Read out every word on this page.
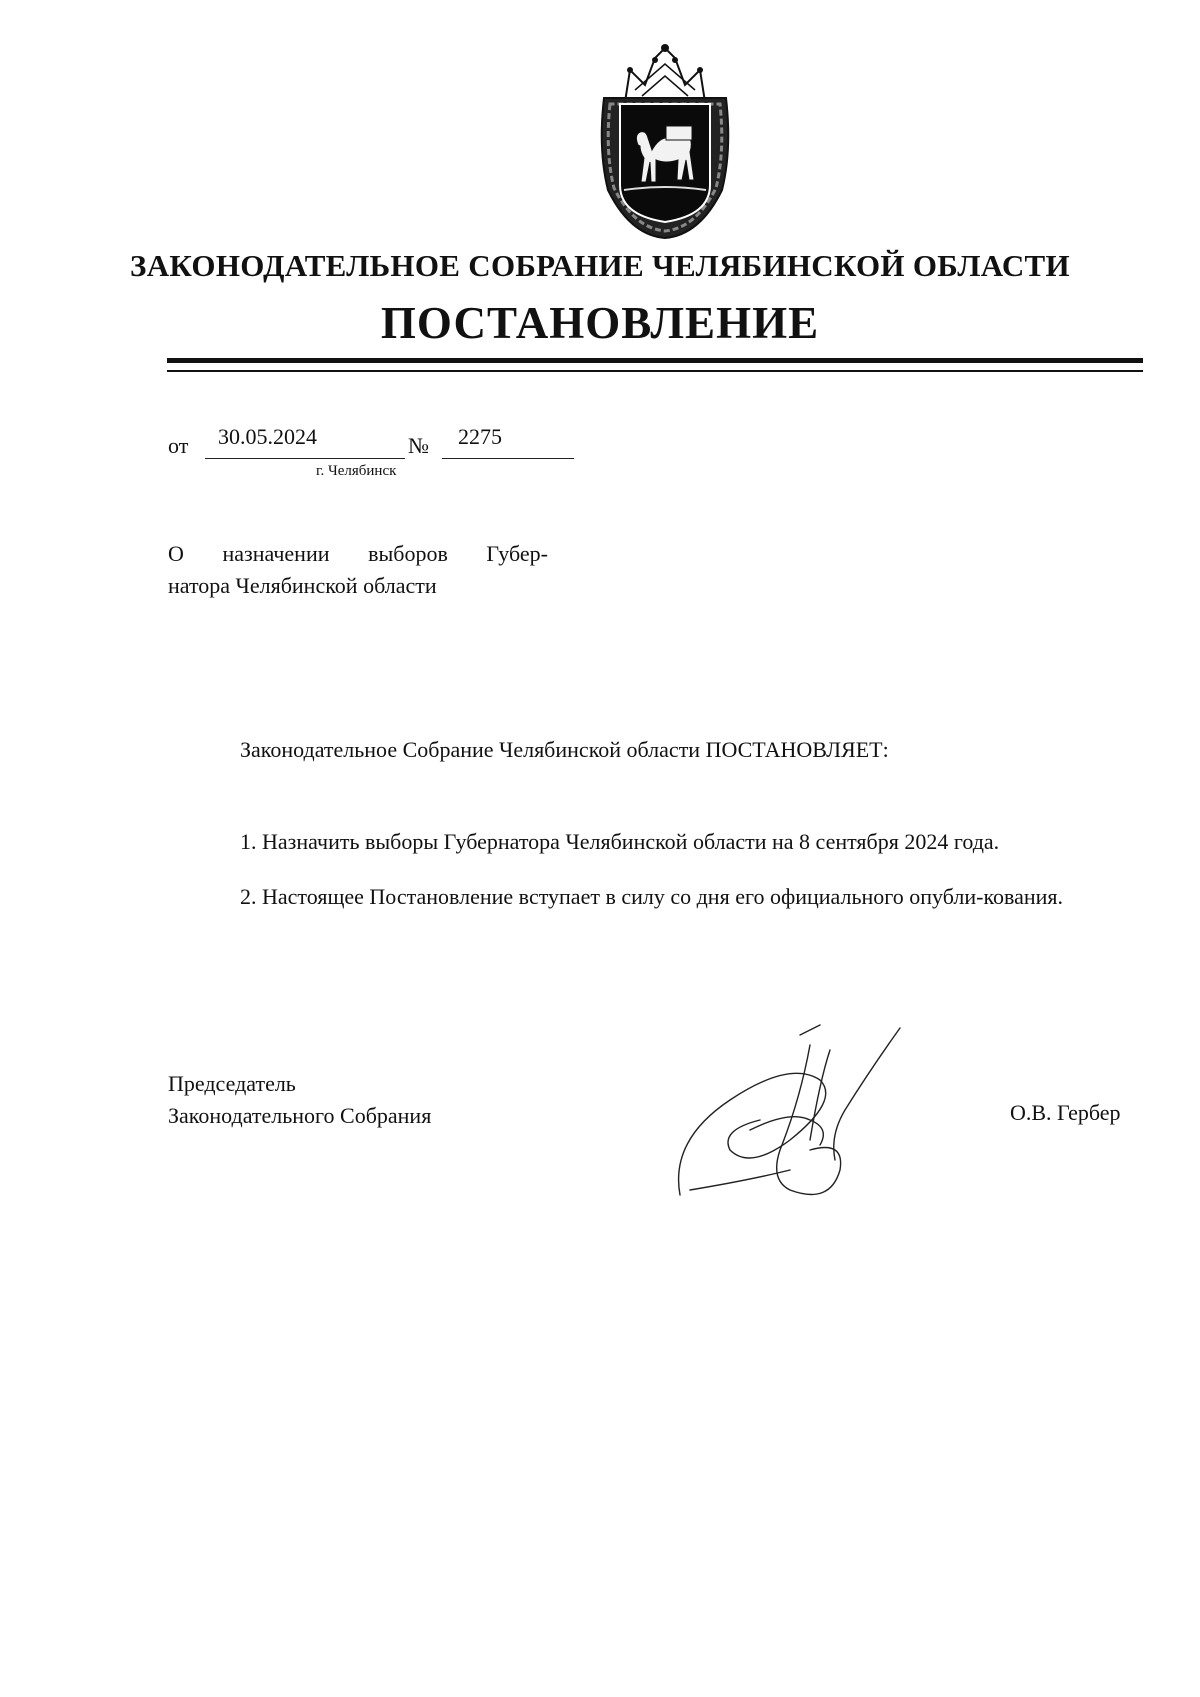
ЗАКОНОДАТЕЛЬНОЕ СОБРАНИЕ ЧЕЛЯБИНСКОЙ ОБЛАСТИ
ПОСТАНОВЛЕНИЕ
от 30.05.2024	№ 2275
г. Челябинск
О назначении выборов Губер-
натора Челябинской области
Законодательное Собрание Челябинской области ПОСТАНОВЛЯЕТ:
1. Назначить выборы Губернатора Челябинской области на 8 сентября 2024 года.
2. Настоящее Постановление вступает в силу со дня его официального опубли-кования.
Председатель
Законодательного Собрания	О.В. Гербер
